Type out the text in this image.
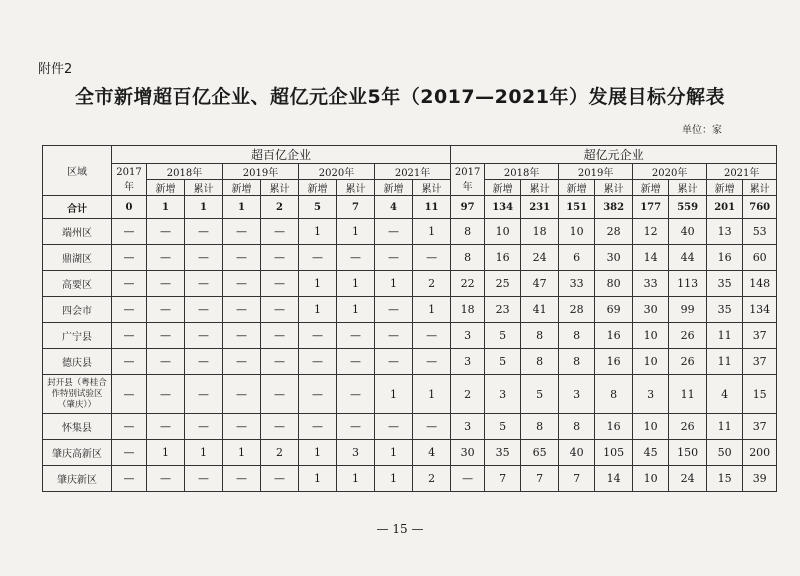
附件2
全市新增超百亿企业、超亿元企业5年（2017—2021年）发展目标分解表
单位：家
区域	超百亿企业									超亿元企业								
	2017年	2018年		2019年		2020年		2021年		2017年	2018年		2019年		2020年		2021年	
		新增	累计	新增	累计	新增	累计	新增	累计		新增	累计	新增	累计	新增	累计	新增	累计
合计	0	1	1	1	2	5	7	4	11	97	134	231	151	382	177	559	201	760
端州区	—	—	—	—	—	1	1	—	1	8	10	18	10	28	12	40	13	53
鼎湖区	—	—	—	—	—	—	—	—	—	8	16	24	6	30	14	44	16	60
高要区	—	—	—	—	—	1	1	1	2	22	25	47	33	80	33	113	35	148
四会市	—	—	—	—	—	1	1	—	1	18	23	41	28	69	30	99	35	134
广宁县	—	—	—	—	—	—	—	—	—	3	5	8	8	16	10	26	11	37
德庆县	—	—	—	—	—	—	—	—	—	3	5	8	8	16	10	26	11	37
封开县（粤桂合作特别试验区（肇庆））	—	—	—	—	—	—	—	1	1	2	3	5	3	8	3	11	4	15
怀集县	—	—	—	—	—	—	—	—	—	3	5	8	8	16	10	26	11	37
肇庆高新区	—	1	1	1	2	1	3	1	4	30	35	65	40	105	45	150	50	200
肇庆新区	—	—	—	—	—	1	1	1	2	—	7	7	7	14	10	24	15	39
— 15 —
